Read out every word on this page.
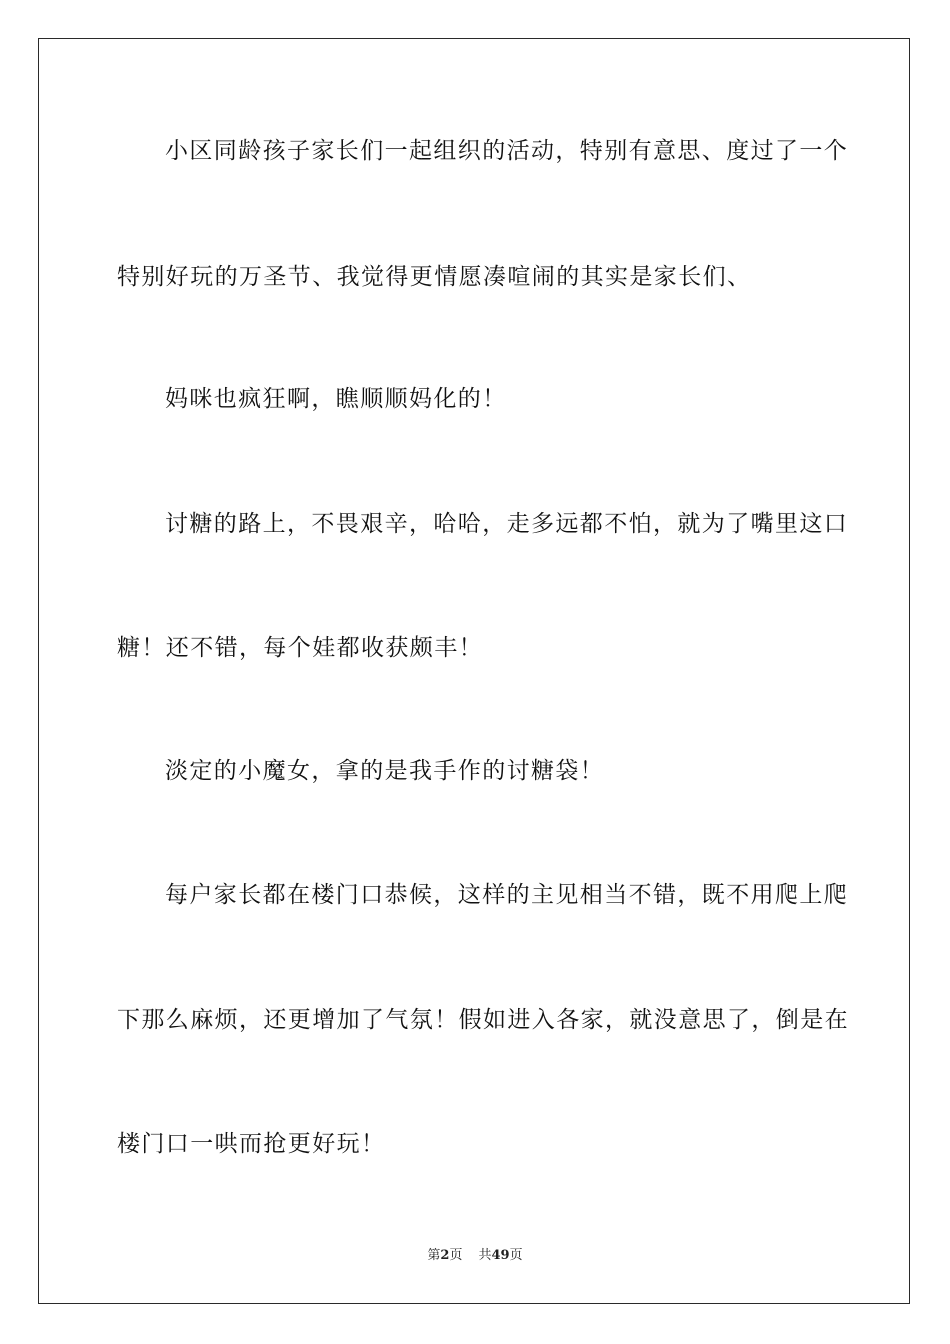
小区同龄孩子家长们一起组织的活动，特别有意思、度过了一个
特别好玩的万圣节、我觉得更情愿凑喧闹的其实是家长们、
妈咪也疯狂啊，瞧顺顺妈化的！
讨糖的路上，不畏艰辛，哈哈，走多远都不怕，就为了嘴里这口
糖！还不错，每个娃都收获颇丰！
淡定的小魔女，拿的是我手作的讨糖袋！
每户家长都在楼门口恭候，这样的主见相当不错，既不用爬上爬
下那么麻烦，还更增加了气氛！假如进入各家，就没意思了，倒是在
楼门口一哄而抢更好玩！
第2页 共49页
